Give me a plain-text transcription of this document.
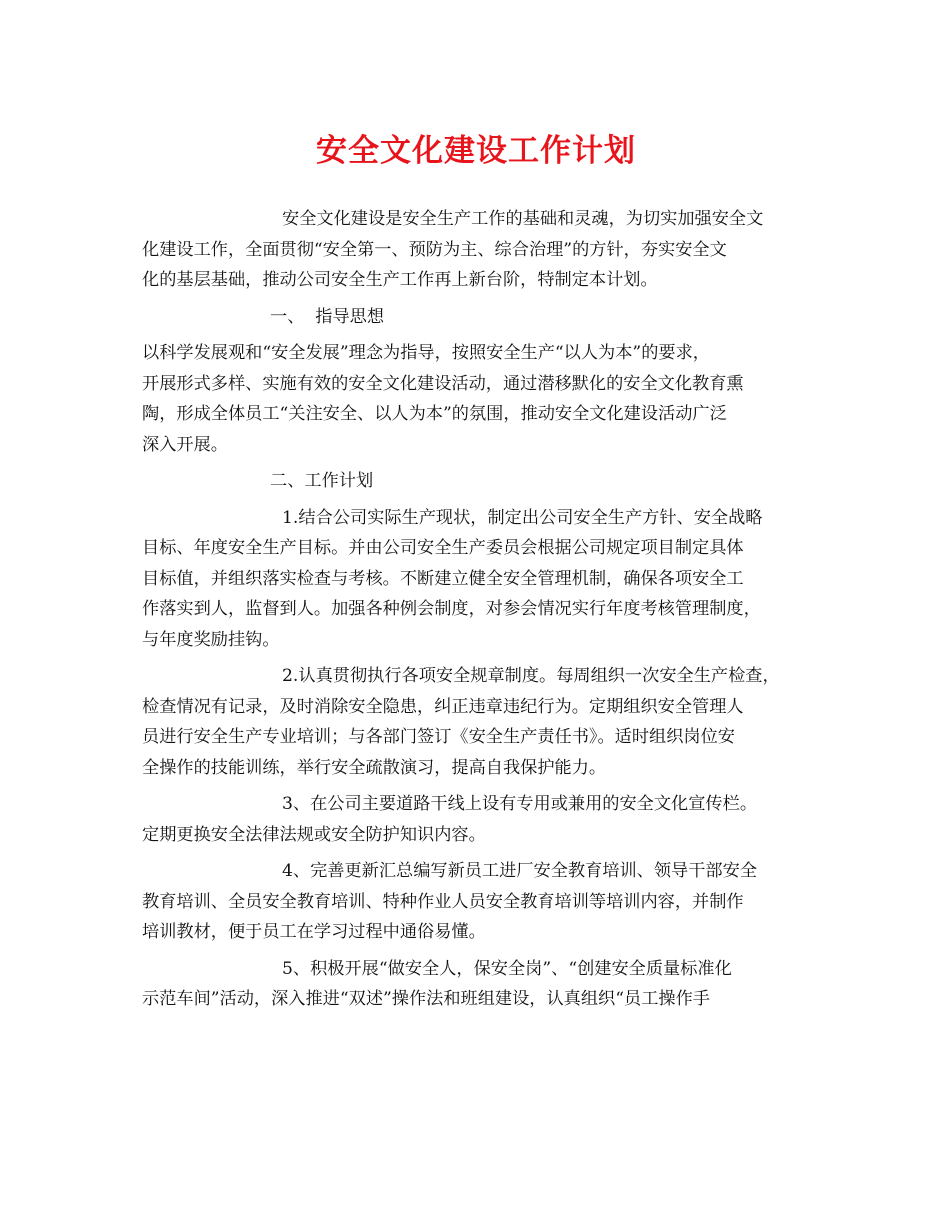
安全文化建设工作计划

安全文化建设是安全生产工作的基础和灵魂，为切实加强安全文
化建设工作，全面贯彻“安全第一、预防为主、综合治理”的方针，夯实安全文
化的基层基础，推动公司安全生产工作再上新台阶，特制定本计划。

一、  指导思想

以科学发展观和“安全发展”理念为指导，按照安全生产“以人为本”的要求，
开展形式多样、实施有效的安全文化建设活动，通过潜移默化的安全文化教育熏
陶，形成全体员工“关注安全、以人为本”的氛围，推动安全文化建设活动广泛
深入开展。

二、工作计划

1.结合公司实际生产现状，制定出公司安全生产方针、安全战略
目标、年度安全生产目标。并由公司安全生产委员会根据公司规定项目制定具体
目标值，并组织落实检查与考核。不断建立健全安全管理机制，确保各项安全工
作落实到人，监督到人。加强各种例会制度，对参会情况实行年度考核管理制度，
与年度奖励挂钩。

2.认真贯彻执行各项安全规章制度。每周组织一次安全生产检查，
检查情况有记录，及时消除安全隐患，纠正违章违纪行为。定期组织安全管理人
员进行安全生产专业培训；与各部门签订《安全生产责任书》。适时组织岗位安
全操作的技能训练，举行安全疏散演习，提高自我保护能力。

3、在公司主要道路干线上设有专用或兼用的安全文化宣传栏。
定期更换安全法律法规或安全防护知识内容。

4、完善更新汇总编写新员工进厂安全教育培训、领导干部安全
教育培训、全员安全教育培训、特种作业人员安全教育培训等培训内容，并制作
培训教材，便于员工在学习过程中通俗易懂。

5、积极开展“做安全人，保安全岗”、“创建安全质量标准化
示范车间”活动，深入推进“双述”操作法和班组建设，认真组织“员工操作手
